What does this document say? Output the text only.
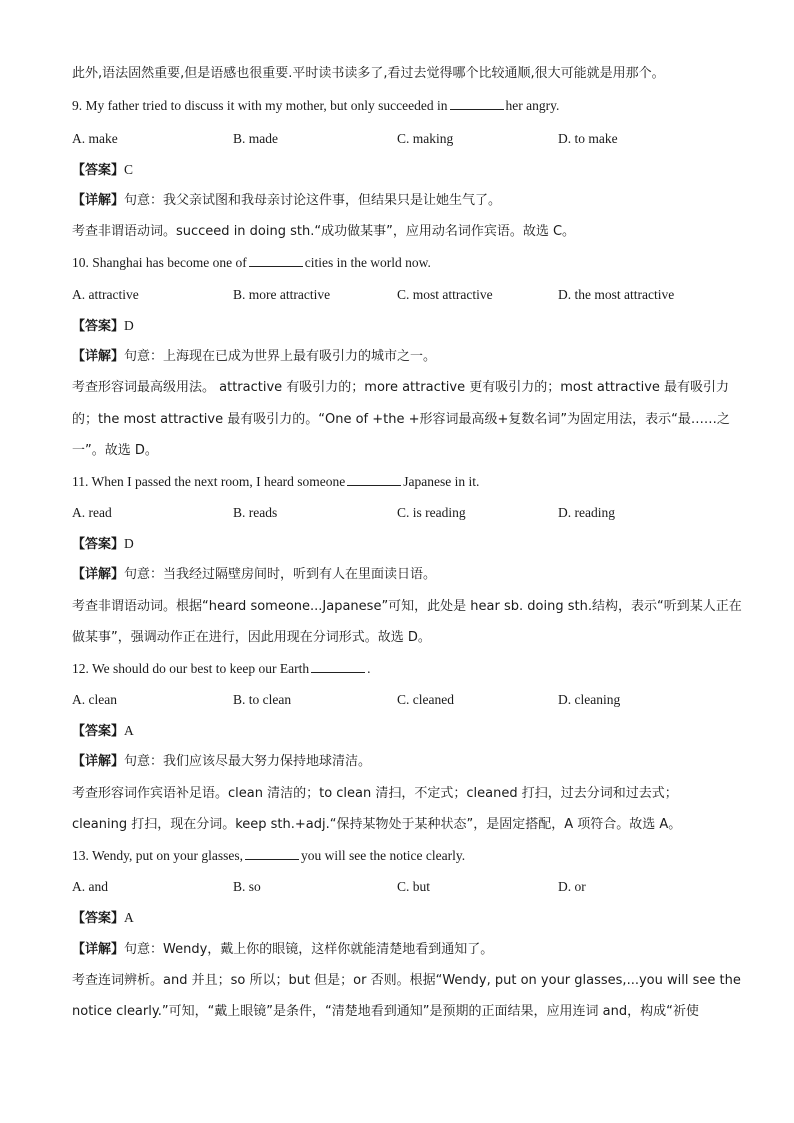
此外,语法固然重要,但是语感也很重要.平时读书读多了,看过去觉得哪个比较通顺,很大可能就是用那个。
9. My father tried to discuss it with my mother, but only succeeded in	her angry.
A. make	B. made	C. making	D. to make
【答案】C
【详解】句意：我父亲试图和我母亲讨论这件事，但结果只是让她生气了。
考查非谓语动词。succeed in doing sth.“成功做某事”，应用动名词作宾语。故选 C。
10. Shanghai has become one of	cities in the world now.
A. attractive	B. more attractive	C. most attractive	D. the most attractive
【答案】D
【详解】句意：上海现在已成为世界上最有吸引力的城市之一。
考查形容词最高级用法。 attractive 有吸引力的；more attractive 更有吸引力的；most attractive 最有吸引力
的；the most attractive 最有吸引力的。“One of +the +形容词最高级+复数名词”为固定用法，表示“最……之
一”。故选 D。
11. When I passed the next room, I heard someone	Japanese in it.
A. read	B. reads	C. is reading	D. reading
【答案】D
【详解】句意：当我经过隔壁房间时，听到有人在里面读日语。
考查非谓语动词。根据“heard someone...Japanese”可知，此处是 hear sb. doing sth.结构，表示“听到某人正在
做某事”，强调动作正在进行，因此用现在分词形式。故选 D。
12. We should do our best to keep our Earth	.
A. clean	B. to clean	C. cleaned	D. cleaning
【答案】A
【详解】句意：我们应该尽最大努力保持地球清洁。
考查形容词作宾语补足语。clean 清洁的；to clean 清扫，不定式；cleaned 打扫，过去分词和过去式；
cleaning 打扫，现在分词。keep sth.+adj.“保持某物处于某种状态”，是固定搭配，A 项符合。故选 A。
13. Wendy, put on your glasses,	you will see the notice clearly.
A. and	B. so	C. but	D. or
【答案】A
【详解】句意：Wendy，戴上你的眼镜，这样你就能清楚地看到通知了。
考查连词辨析。and 并且；so 所以；but 但是；or 否则。根据“Wendy, put on your glasses,...you will see the
notice clearly.”可知，“戴上眼镜”是条件，“清楚地看到通知”是预期的正面结果，应用连词 and，构成“祈使
